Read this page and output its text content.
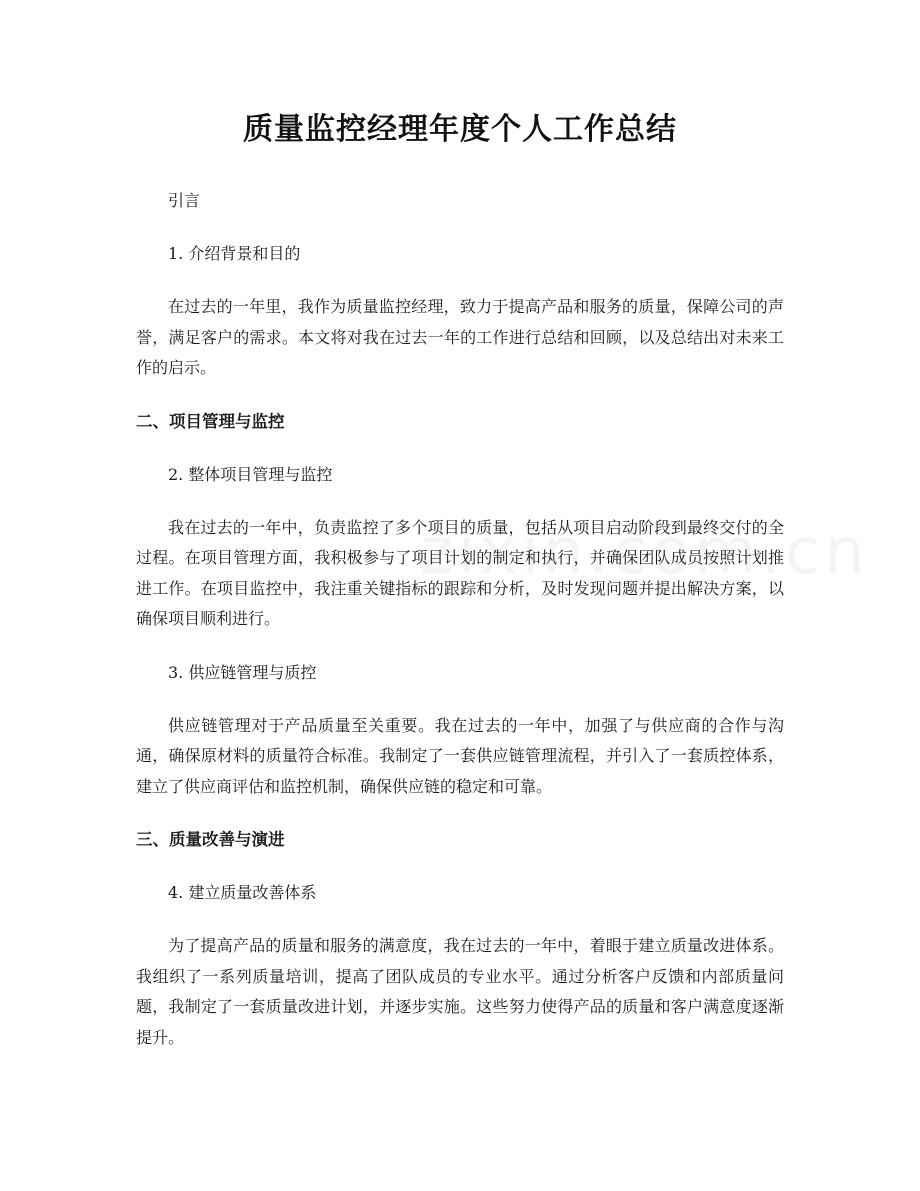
质量监控经理年度个人工作总结

引言

1. 介绍背景和目的

在过去的一年里，我作为质量监控经理，致力于提高产品和服务的质量，保障公司的声誉，满足客户的需求。本文将对我在过去一年的工作进行总结和回顾，以及总结出对未来工作的启示。

二、项目管理与监控

2. 整体项目管理与监控

我在过去的一年中，负责监控了多个项目的质量，包括从项目启动阶段到最终交付的全过程。在项目管理方面，我积极参与了项目计划的制定和执行，并确保团队成员按照计划推进工作。在项目监控中，我注重关键指标的跟踪和分析，及时发现问题并提出解决方案，以确保项目顺利进行。

3. 供应链管理与质控

供应链管理对于产品质量至关重要。我在过去的一年中，加强了与供应商的合作与沟通，确保原材料的质量符合标准。我制定了一套供应链管理流程，并引入了一套质控体系，建立了供应商评估和监控机制，确保供应链的稳定和可靠。

三、质量改善与演进

4. 建立质量改善体系

为了提高产品的质量和服务的满意度，我在过去的一年中，着眼于建立质量改进体系。我组织了一系列质量培训，提高了团队成员的专业水平。通过分析客户反馈和内部质量问题，我制定了一套质量改进计划，并逐步实施。这些努力使得产品的质量和客户满意度逐渐提升。
